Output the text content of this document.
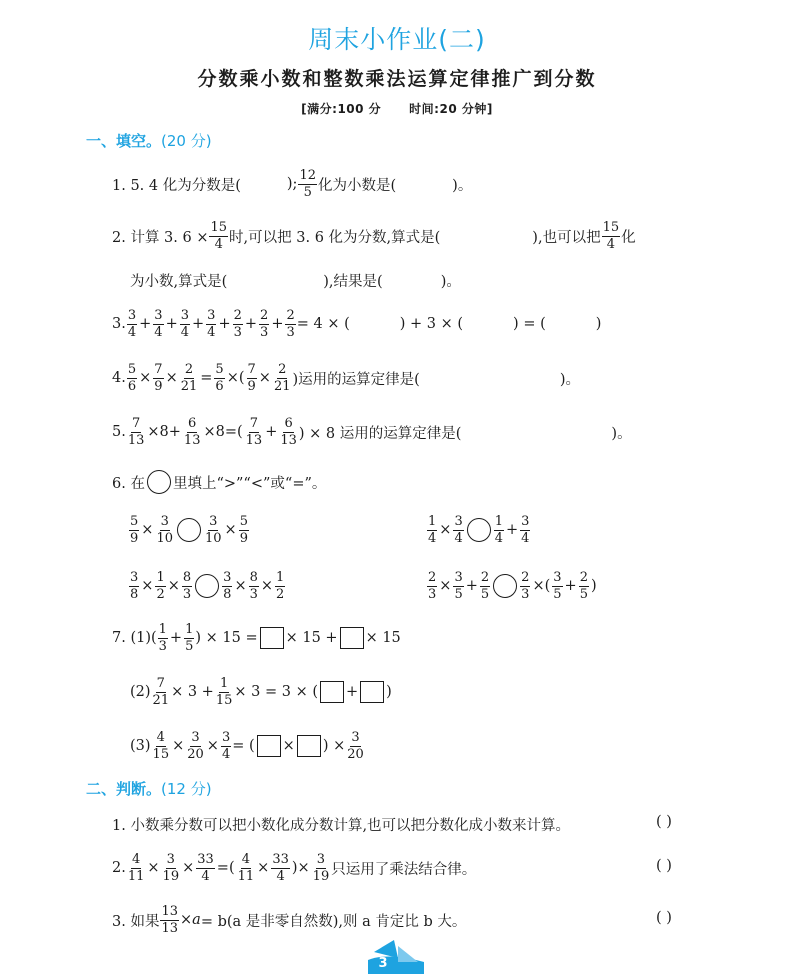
周末小作业(二)
分数乘小数和整数乘法运算定律推广到分数
[满分:100 分 时间:20 分钟]
一、填空。(20 分)
1. 5. 4 化为分数是(	); $\frac{12}{5}$ 化为小数是(	)。
2. 计算 3. $6 \times \frac{15}{4}$ 时,可以把 3. 6 化为分数,算式是(	),也可以把 $\frac{15}{4}$ 化
为小数,算式是(	),结果是(	)。
3. $\frac{3}{4} + \frac{3}{4} + \frac{3}{4} + \frac{3}{4} + \frac{2}{3} + \frac{2}{3} + \frac{2}{3} = 4$ × (	) + 3 × (	) = (	)
4. $\frac{5}{6} \times \frac{7}{9} \times \frac{2}{21} = \frac{5}{6}$ ×( $\frac{7}{9} \times \frac{2}{21}$ )运用的运算定律是(	)。
5. $\frac{7}{13} \times 8+ \frac{6}{13} \times 8=( \frac{7}{13} + \frac{6}{13}$ ) × 8 运用的运算定律是(	)。
6. 在 里填上“>”“<”或“=”。
$\frac{5}{9} \times \frac{3}{10} \frac{3}{10} \times \frac{5}{9}$	$\frac{1}{4} \times \frac{3}{4} \frac{1}{4} + \frac{3}{4}$
$\frac{3}{8} \times \frac{1}{2} \times \frac{8}{3} \frac{3}{8} \times \frac{8}{3} \times \frac{1}{2}$	$\frac{2}{3} \times \frac{3}{5} + \frac{2}{5} \frac{2}{3}$ ×( $\frac{3}{5} + \frac{2}{5}$ )
7. $(1)( \frac{1}{3} + \frac{1}{5}$ ) × 15 = × 15 + × 15
$(2) \frac{7}{21} \times 3 + \frac{1}{15} \times 3 = 3$ × ( + )
$(3) \frac{4}{15} \times \frac{3}{20} \times \frac{3}{4}$ = ( × ) × $\frac{3}{20}$
二、判断。(12 分)
1. 小数乘分数可以把小数化成分数计算,也可以把分数化成小数来计算。	( )
2. $\frac{4}{11} \times \frac{3}{19} \times \frac{33}{4}$ =( $\frac{4}{11} \times \frac{33}{4}$ )× $\frac{3}{19}$ 只运用了乘法结合律。	( )
3. 如果 $\frac{13}{13} \times a = b(a$ 是非零自然数),则 a 肯定比 b 大。	( )
3
